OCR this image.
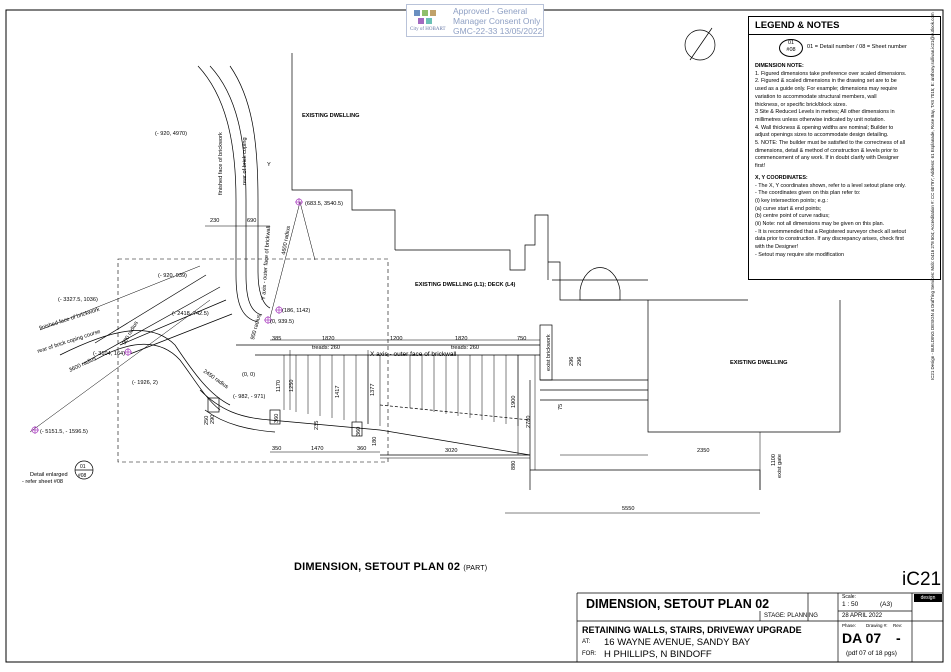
EXISTING DWELLING
EXISTING DWELLING (L1); DECK (L4)
EXISTING DWELLING
(- 920, 4970)
(683.5, 3540.5)
(- 920, 939)
(- 3327.5, 1036)
(- 2418, 742.5)	(186, 1142)
(0, 939.5)
(- 3104, 164)
(- 1926, 2)
(0, 0)
(- 982, - 971)
(- 5151.5, - 1596.5)
Y
X axis - outer face of brickwall
treads: 260	treads: 260
Detail enlarged
- refer sheet #08
01
#08
finished face of brickwork	rear of brick coping
Y axis - outer face of brickwall 4600 radius
900 radius
2450 radius
900 radius
3600 radius
finished face of brickwork
rear of brick coping course	exist brickwork
exist gate
230	690
385	1820	1200	1820	750
1170 1250	1417	1377
360
235
360
180
290
250
350	1470	360	3020
1900
2780
880
296 296
75
2350
1100
5550
City of HOBART
Approved - General
Manager Consent Only
GMC-22-33 13/05/2022	LEGEND & NOTES
01
#08	01 = Detail number / 08 = Sheet number

DIMENSION NOTE:

1. Figured dimensions take preference over scaled dimensions.

2. Figured & scaled dimensions in the drawing set are to be

used as a guide only. For example; dimensions may require

variation to accommodate structural members, wall

thickness, or specific brick/block sizes.

3 Site & Reduced Levels in metres; All other dimensions in

millimetres unless otherwise indicated by unit notation.

4. Wall thickness & opening widths are nominal; Builder to

adjust openings sizes to accommodate design detailing.

5. NOTE: The builder must be satisfied to the correctness of all

dimensions, detail & method of construction & levels prior to

commencement of any work. If in doubt clarify with Designer

first!

X, Y COORDINATES:

- The X, Y coordinates shown, refer to a level setout plane only.

- The coordinates given on this plan refer to:

(i) key intersection points; e.g.:

(a) curve start & end points;

(b) centre point of curve radius;

(ii) Note: not all dimensions may be given on this plan.

- It is recommended that a Registered surveyor check all setout

data prior to construction. If any discrepancy arises, check first

with the Designer!

- Setout may require site modification	IC21 Design - BUILDING DESIGN & DrafTing Services: Mob: 0416 278 504; Accreditation #: CC 6079Y; Address: 61 Esplanade, Rose Bay, TAS 7015; E: anthony.sullivan.ic21@outlook.com
DIMENSION, SETOUT PLAN 02 (PART)
DIMENSION, SETOUT PLAN 02	Scale:
1 : 50	(A3)
STAGE: PLANNING	28 APRIL 2022
RETAINING WALLS, STAIRS, DRIVEWAY UPGRADE
AT: 16 WAYNE AVENUE, SANDY BAY
FOR: H PHILLIPS, N BINDOFF
Phase: Drawing #: Rev:
DA 07 -
(pdf 07 of 18 pgs)
iC21
design
